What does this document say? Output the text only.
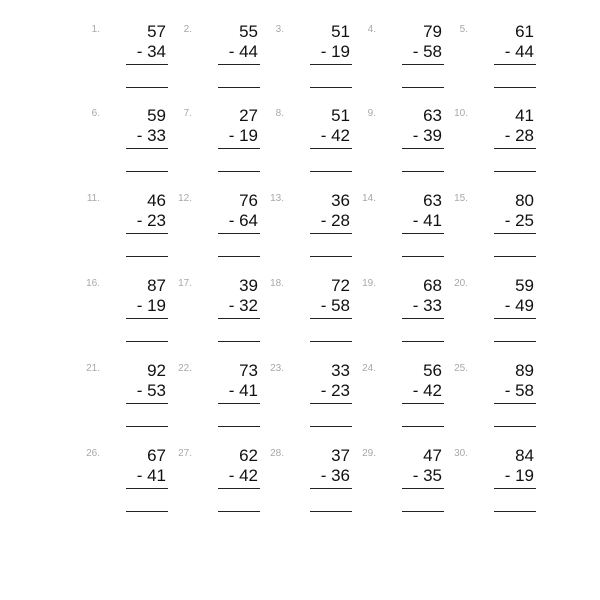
1.	57
- 34
2.	55
- 44
3.	51
- 19
4.	79
- 58
5.	61
- 44
6.	59
- 33
7.	27
- 19
8.	51
- 42
9.	63
- 39
10.	41
- 28
11.	46
- 23
12.	76
- 64
13.	36
- 28
14.	63
- 41
15.	80
- 25
16.	87
- 19
17.	39
- 32
18.	72
- 58
19.	68
- 33
20.	59
- 49
21.	92
- 53
22.	73
- 41
23.	33
- 23
24.	56
- 42
25.	89
- 58
26.	67
- 41
27.	62
- 42
28.	37
- 36
29.	47
- 35
30.	84
- 19
